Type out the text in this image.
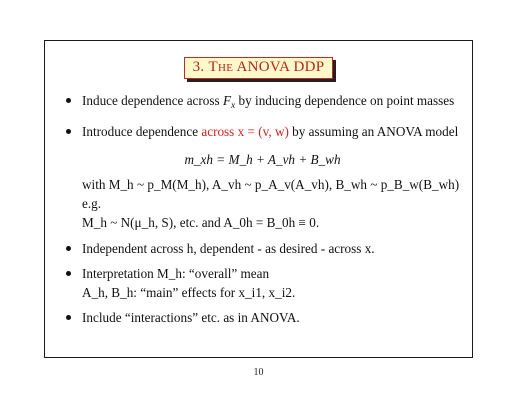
3. The ANOVA DDP
Induce dependence across $F_x$ by inducing dependence on point masses
Introduce dependence across x = (v, w) by assuming an ANOVA model
m_xh = M_h + A_vh + B_wh
with M_h ~ p_M(M_h), A_vh ~ p_A_v(A_vh), B_wh ~ p_B_w(B_wh) e.g.
M_h ~ N(μ_h, S), etc. and A_0h = B_0h ≡ 0.
Independent across h, dependent - as desired - across x.
Interpretation M_h: “overall” mean
A_h, B_h: “main” effects for x_i1, x_i2.
Include “interactions” etc. as in ANOVA.
10
